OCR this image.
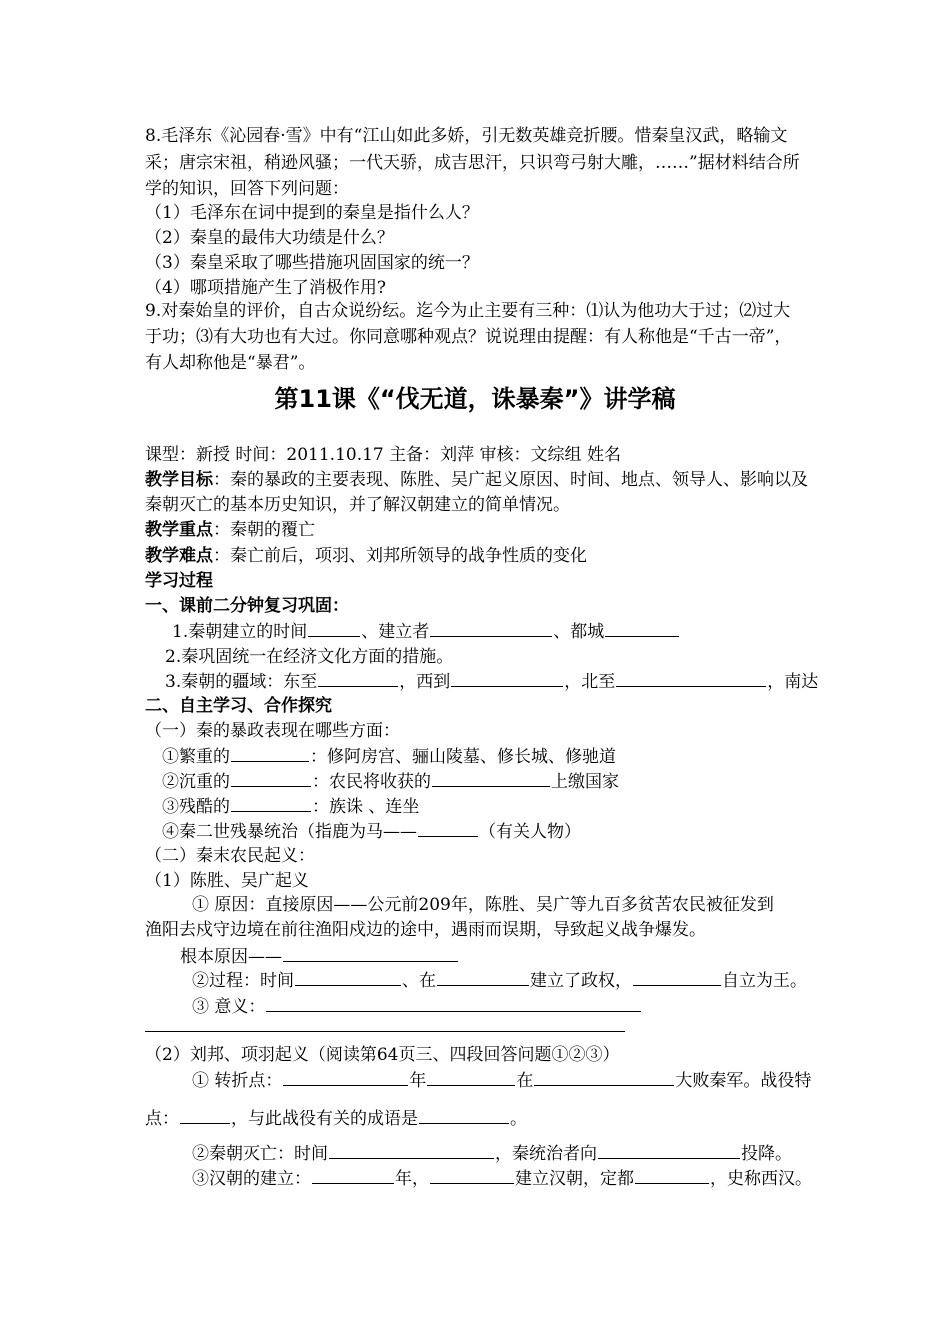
8.毛泽东《沁园春·雪》中有“江山如此多娇，引无数英雄竞折腰。惜秦皇汉武，略输文
采；唐宗宋祖，稍逊风骚；一代天骄，成吉思汗，只识弯弓射大雕，……”据材料结合所
学的知识，回答下列问题：
（1）毛泽东在词中提到的秦皇是指什么人？
（2）秦皇的最伟大功绩是什么？
（3）秦皇采取了哪些措施巩固国家的统一？
（4）哪项措施产生了消极作用?
9.对秦始皇的评价，自古众说纷纭。迄今为止主要有三种：⑴认为他功大于过；⑵过大
于功；⑶有大功也有大过。你同意哪种观点？说说理由提醒：有人称他是“千古一帝”，
有人却称他是“暴君”。
第11课《“伐无道，诛暴秦”》讲学稿
课型：新授 时间：2011.10.17 主备：刘萍 审核：文综组 姓名
教学目标：秦的暴政的主要表现、陈胜、吴广起义原因、时间、地点、领导人、影响以及
秦朝灭亡的基本历史知识，并了解汉朝建立的简单情况。
教学重点：秦朝的覆亡
教学难点：秦亡前后，项羽、刘邦所领导的战争性质的变化
学习过程
一、课前二分钟复习巩固：
1.秦朝建立的时间	、建立者	、都城
2.秦巩固统一在经济文化方面的措施。
3.秦朝的疆域：东至	，西到	，北至	，南达
二、自主学习、合作探究
（一）秦的暴政表现在哪些方面：
①繁重的	：修阿房宫、骊山陵墓、修长城、修驰道
②沉重的	：农民将收获的	上缴国家
③残酷的	：族诛 、连坐
④秦二世残暴统治（指鹿为马——	（有关人物）
（二）秦末农民起义：
（1）陈胜、吴广起义
① 原因：直接原因——公元前209年，陈胜、吴广等九百多贫苦农民被征发到
渔阳去戍守边境在前往渔阳戍边的途中，遇雨而误期，导致起义战争爆发。
根本原因——
②过程：时间	、在	建立了政权，	自立为王。
③ 意义：
（2）刘邦、项羽起义（阅读第64页三、四段回答问题①②③）
① 转折点：	年	在	大败秦军。战役特
点：	，与此战役有关的成语是	。
②秦朝灭亡：时间	，秦统治者向	投降。
③汉朝的建立：	年，	建立汉朝，定都	，史称西汉。
